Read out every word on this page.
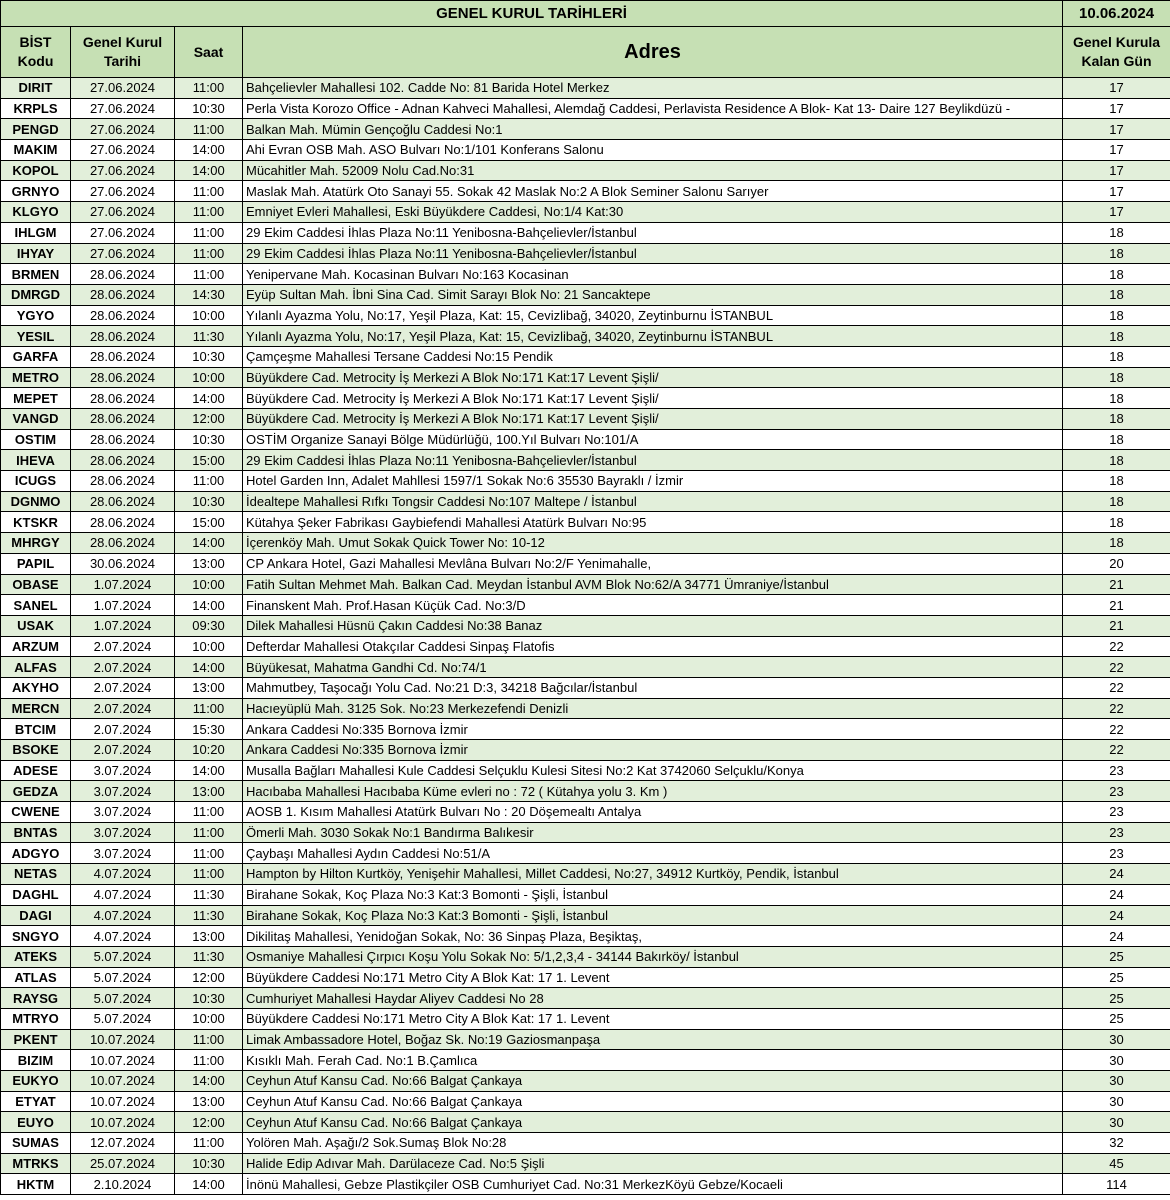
GENEL KURUL TARİHLERİ				10.06.2024
BİST Kodu	Genel Kurul Tarihi	Saat	Adres	Genel Kurula Kalan Gün
DIRIT	27.06.2024	11:00	Bahçelievler Mahallesi 102. Cadde No: 81 Barida Hotel Merkez	17
KRPLS	27.06.2024	10:30	Perla Vista Korozo Office - Adnan Kahveci Mahallesi, Alemdağ Caddesi, Perlavista Residence A Blok- Kat 13- Daire 127 Beylikdüzü -	17
PENGD	27.06.2024	11:00	Balkan Mah. Mümin Gençoğlu Caddesi No:1	17
MAKIM	27.06.2024	14:00	Ahi Evran OSB Mah. ASO Bulvarı No:1/101 Konferans Salonu	17
KOPOL	27.06.2024	14:00	Mücahitler Mah. 52009 Nolu Cad.No:31	17
GRNYO	27.06.2024	11:00	Maslak Mah. Atatürk Oto Sanayi 55. Sokak 42 Maslak No:2 A Blok Seminer Salonu Sarıyer	17
KLGYO	27.06.2024	11:00	Emniyet Evleri Mahallesi, Eski Büyükdere Caddesi, No:1/4 Kat:30	17
IHLGM	27.06.2024	11:00	29 Ekim Caddesi İhlas Plaza No:11 Yenibosna-Bahçelievler/İstanbul	18
IHYAY	27.06.2024	11:00	29 Ekim Caddesi İhlas Plaza No:11 Yenibosna-Bahçelievler/İstanbul	18
BRMEN	28.06.2024	11:00	Yenipervane Mah. Kocasinan Bulvarı No:163 Kocasinan	18
DMRGD	28.06.2024	14:30	Eyüp Sultan Mah. İbni Sina Cad. Simit Sarayı Blok No: 21 Sancaktepe	18
YGYO	28.06.2024	10:00	Yılanlı Ayazma Yolu, No:17, Yeşil Plaza, Kat: 15, Cevizlibağ, 34020, Zeytinburnu İSTANBUL	18
YESIL	28.06.2024	11:30	Yılanlı Ayazma Yolu, No:17, Yeşil Plaza, Kat: 15, Cevizlibağ, 34020, Zeytinburnu İSTANBUL	18
GARFA	28.06.2024	10:30	Çamçeşme Mahallesi Tersane Caddesi No:15 Pendik	18
METRO	28.06.2024	10:00	Büyükdere Cad. Metrocity İş Merkezi A Blok No:171 Kat:17 Levent Şişli/	18
MEPET	28.06.2024	14:00	Büyükdere Cad. Metrocity İş Merkezi A Blok No:171 Kat:17 Levent Şişli/	18
VANGD	28.06.2024	12:00	Büyükdere Cad. Metrocity İş Merkezi A Blok No:171 Kat:17 Levent Şişli/	18
OSTIM	28.06.2024	10:30	OSTİM Organize Sanayi Bölge Müdürlüğü, 100.Yıl Bulvarı No:101/A	18
IHEVA	28.06.2024	15:00	29 Ekim Caddesi İhlas Plaza No:11 Yenibosna-Bahçelievler/İstanbul	18
ICUGS	28.06.2024	11:00	Hotel Garden Inn, Adalet Mahllesi 1597/1 Sokak No:6 35530 Bayraklı / İzmir	18
DGNMO	28.06.2024	10:30	İdealtepe Mahallesi Rıfkı Tongsir Caddesi No:107 Maltepe / İstanbul	18
KTSKR	28.06.2024	15:00	Kütahya Şeker Fabrikası Gaybiefendi Mahallesi Atatürk Bulvarı No:95	18
MHRGY	28.06.2024	14:00	İçerenköy Mah. Umut Sokak Quick Tower No: 10-12	18
PAPIL	30.06.2024	13:00	CP Ankara Hotel, Gazi Mahallesi Mevlâna Bulvarı No:2/F Yenimahalle,	20
OBASE	1.07.2024	10:00	Fatih Sultan Mehmet Mah. Balkan Cad. Meydan İstanbul AVM Blok No:62/A 34771 Ümraniye/İstanbul	21
SANEL	1.07.2024	14:00	Finanskent Mah. Prof.Hasan Küçük Cad. No:3/D	21
USAK	1.07.2024	09:30	Dilek Mahallesi Hüsnü Çakın Caddesi No:38 Banaz	21
ARZUM	2.07.2024	10:00	Defterdar Mahallesi Otakçılar Caddesi Sinpaş Flatofis	22
ALFAS	2.07.2024	14:00	Büyükesat, Mahatma Gandhi Cd. No:74/1	22
AKYHO	2.07.2024	13:00	Mahmutbey, Taşocağı Yolu Cad. No:21 D:3, 34218 Bağcılar/İstanbul	22
MERCN	2.07.2024	11:00	Hacıeyüplü Mah. 3125 Sok. No:23 Merkezefendi Denizli	22
BTCIM	2.07.2024	15:30	Ankara Caddesi No:335 Bornova İzmir	22
BSOKE	2.07.2024	10:20	Ankara Caddesi No:335 Bornova İzmir	22
ADESE	3.07.2024	14:00	Musalla Bağları Mahallesi Kule Caddesi Selçuklu Kulesi Sitesi No:2 Kat 3742060 Selçuklu/Konya	23
GEDZA	3.07.2024	13:00	Hacıbaba Mahallesi Hacıbaba Küme evleri no : 72 ( Kütahya yolu 3. Km )	23
CWENE	3.07.2024	11:00	AOSB 1. Kısım Mahallesi Atatürk Bulvarı No : 20 Döşemealtı Antalya	23
BNTAS	3.07.2024	11:00	Ömerli Mah. 3030 Sokak No:1 Bandırma Balıkesir	23
ADGYO	3.07.2024	11:00	Çaybaşı Mahallesi Aydın Caddesi No:51/A	23
NETAS	4.07.2024	11:00	Hampton by Hilton Kurtköy, Yenişehir Mahallesi, Millet Caddesi, No:27, 34912 Kurtköy, Pendik, İstanbul	24
DAGHL	4.07.2024	11:30	Birahane Sokak, Koç Plaza No:3 Kat:3 Bomonti - Şişli, İstanbul	24
DAGI	4.07.2024	11:30	Birahane Sokak, Koç Plaza No:3 Kat:3 Bomonti - Şişli, İstanbul	24
SNGYO	4.07.2024	13:00	Dikilitaş Mahallesi, Yenidoğan Sokak, No: 36 Sinpaş Plaza, Beşiktaş,	24
ATEKS	5.07.2024	11:30	Osmaniye Mahallesi Çırpıcı Koşu Yolu Sokak No: 5/1,2,3,4 - 34144 Bakırköy/ İstanbul	25
ATLAS	5.07.2024	12:00	Büyükdere Caddesi No:171 Metro City A Blok Kat: 17 1. Levent	25
RAYSG	5.07.2024	10:30	Cumhuriyet Mahallesi Haydar Aliyev Caddesi No 28	25
MTRYO	5.07.2024	10:00	Büyükdere Caddesi No:171 Metro City A Blok Kat: 17 1. Levent	25
PKENT	10.07.2024	11:00	Limak Ambassadore Hotel, Boğaz Sk. No:19 Gaziosmanpaşa	30
BIZIM	10.07.2024	11:00	Kısıklı Mah. Ferah Cad. No:1 B.Çamlıca	30
EUKYO	10.07.2024	14:00	Ceyhun Atuf Kansu Cad. No:66 Balgat Çankaya	30
ETYAT	10.07.2024	13:00	Ceyhun Atuf Kansu Cad. No:66 Balgat Çankaya	30
EUYO	10.07.2024	12:00	Ceyhun Atuf Kansu Cad. No:66 Balgat Çankaya	30
SUMAS	12.07.2024	11:00	Yolören Mah. Aşağı/2 Sok.Sumaş Blok No:28	32
MTRKS	25.07.2024	10:30	Halide Edip Adıvar Mah. Darülaceze Cad. No:5 Şişli	45
HKTM	2.10.2024	14:00	İnönü Mahallesi, Gebze Plastikçiler OSB Cumhuriyet Cad. No:31 MerkezKöyü Gebze/Kocaeli	114
